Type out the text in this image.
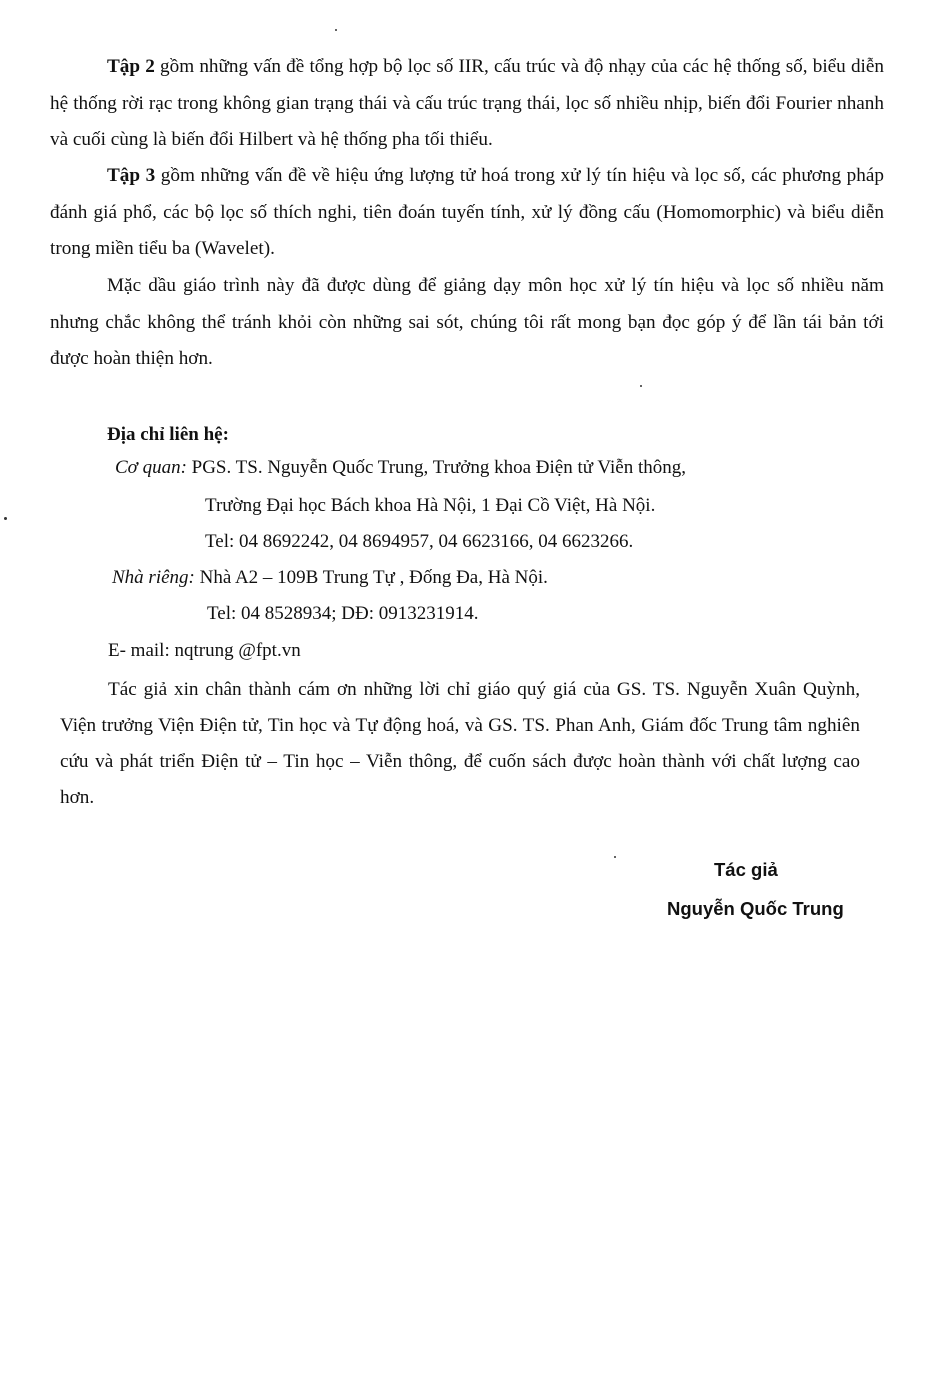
Tập 2 gồm những vấn đề tổng hợp bộ lọc số IIR, cấu trúc và độ nhạy của các hệ thống số, biểu diễn hệ thống rời rạc trong không gian trạng thái và cấu trúc trạng thái, lọc số nhiều nhịp, biến đổi Fourier nhanh và cuối cùng là biến đổi Hilbert và hệ thống pha tối thiểu.

Tập 3 gồm những vấn đề về hiệu ứng lượng tử hoá trong xử lý tín hiệu và lọc số, các phương pháp đánh giá phổ, các bộ lọc số thích nghi, tiên đoán tuyến tính, xử lý đồng cấu (Homomorphic) và biểu diễn trong miền tiểu ba (Wavelet).

Mặc dầu giáo trình này đã được dùng để giảng dạy môn học xử lý tín hiệu và lọc số nhiều năm nhưng chắc không thể tránh khỏi còn những sai sót, chúng tôi rất mong bạn đọc góp ý để lần tái bản tới được hoàn thiện hơn.

Địa chỉ liên hệ:

Cơ quan: PGS. TS. Nguyễn Quốc Trung, Trưởng khoa Điện tử Viễn thông,

Trường Đại học Bách khoa Hà Nội, 1 Đại Cồ Việt, Hà Nội.

Tel: 04 8692242, 04 8694957, 04 6623166, 04 6623266.

Nhà riêng: Nhà A2 – 109B Trung Tự , Đống Đa, Hà Nội.

Tel: 04 8528934; DĐ: 0913231914.

E- mail: nqtrung @fpt.vn

Tác giả xin chân thành cám ơn những lời chỉ giáo quý giá của GS. TS. Nguyễn Xuân Quỳnh, Viện trưởng Viện Điện tử, Tin học và Tự động hoá, và GS. TS. Phan Anh, Giám đốc Trung tâm nghiên cứu và phát triển Điện tử – Tin học – Viễn thông, để cuốn sách được hoàn thành với chất lượng cao hơn.

Tác giả

Nguyễn Quốc Trung
